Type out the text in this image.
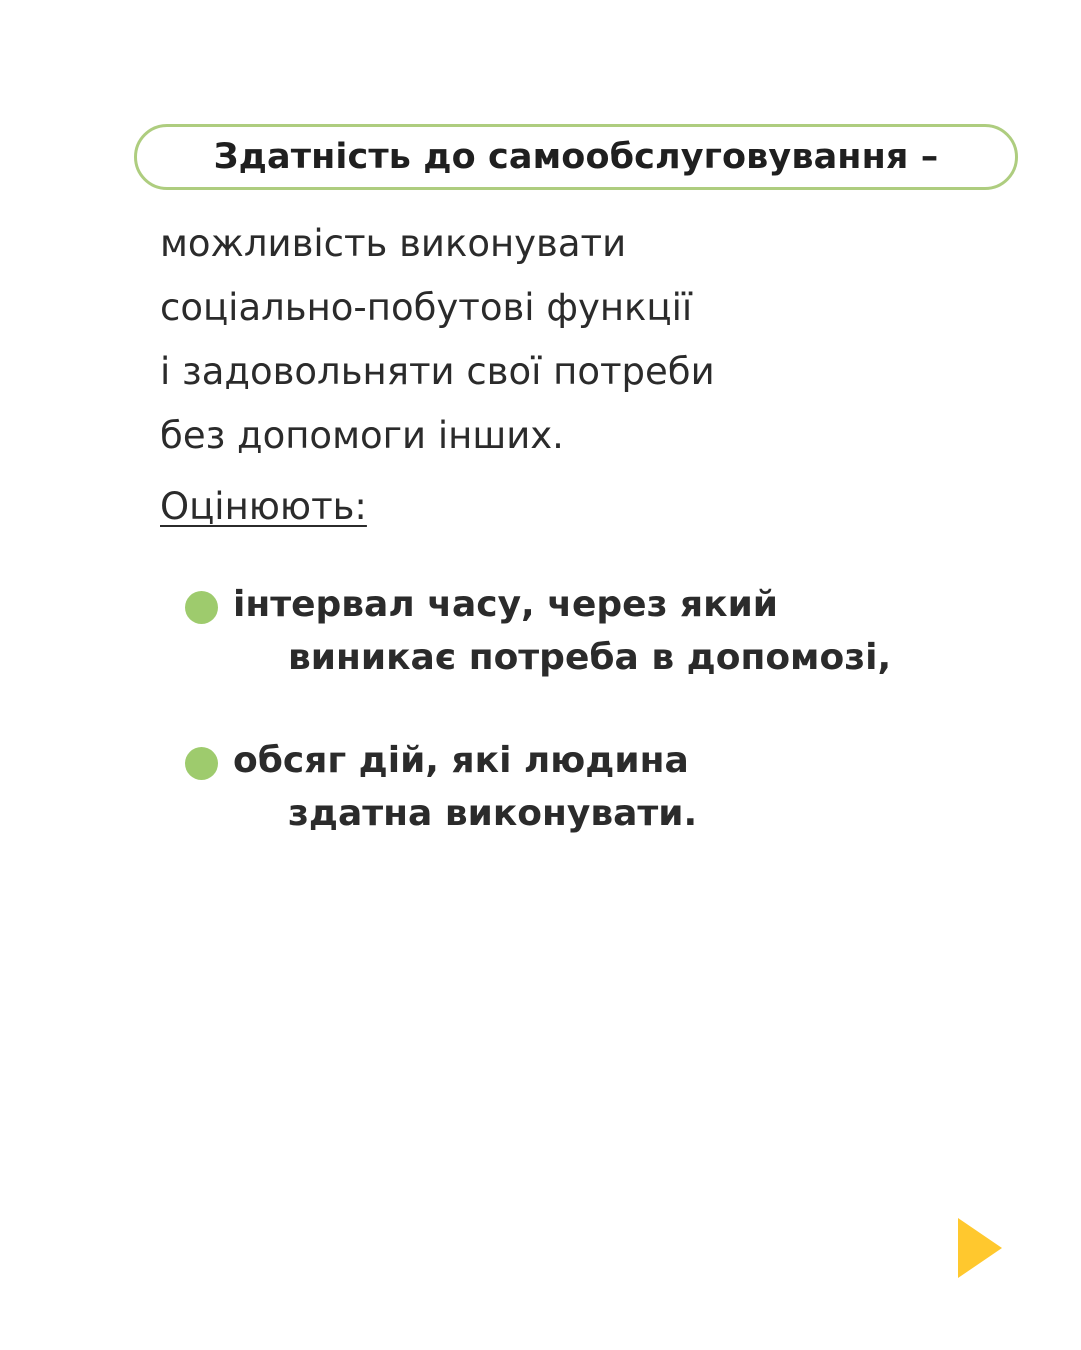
Здатність до самообслуговування –
можливість виконувати
соціально-побутові функції
і задовольняти свої потреби
без допомоги інших.
Оцінюють:
інтервал часу, через який
виникає потреба в допомозі,
обсяг дій, які людина
здатна виконувати.
